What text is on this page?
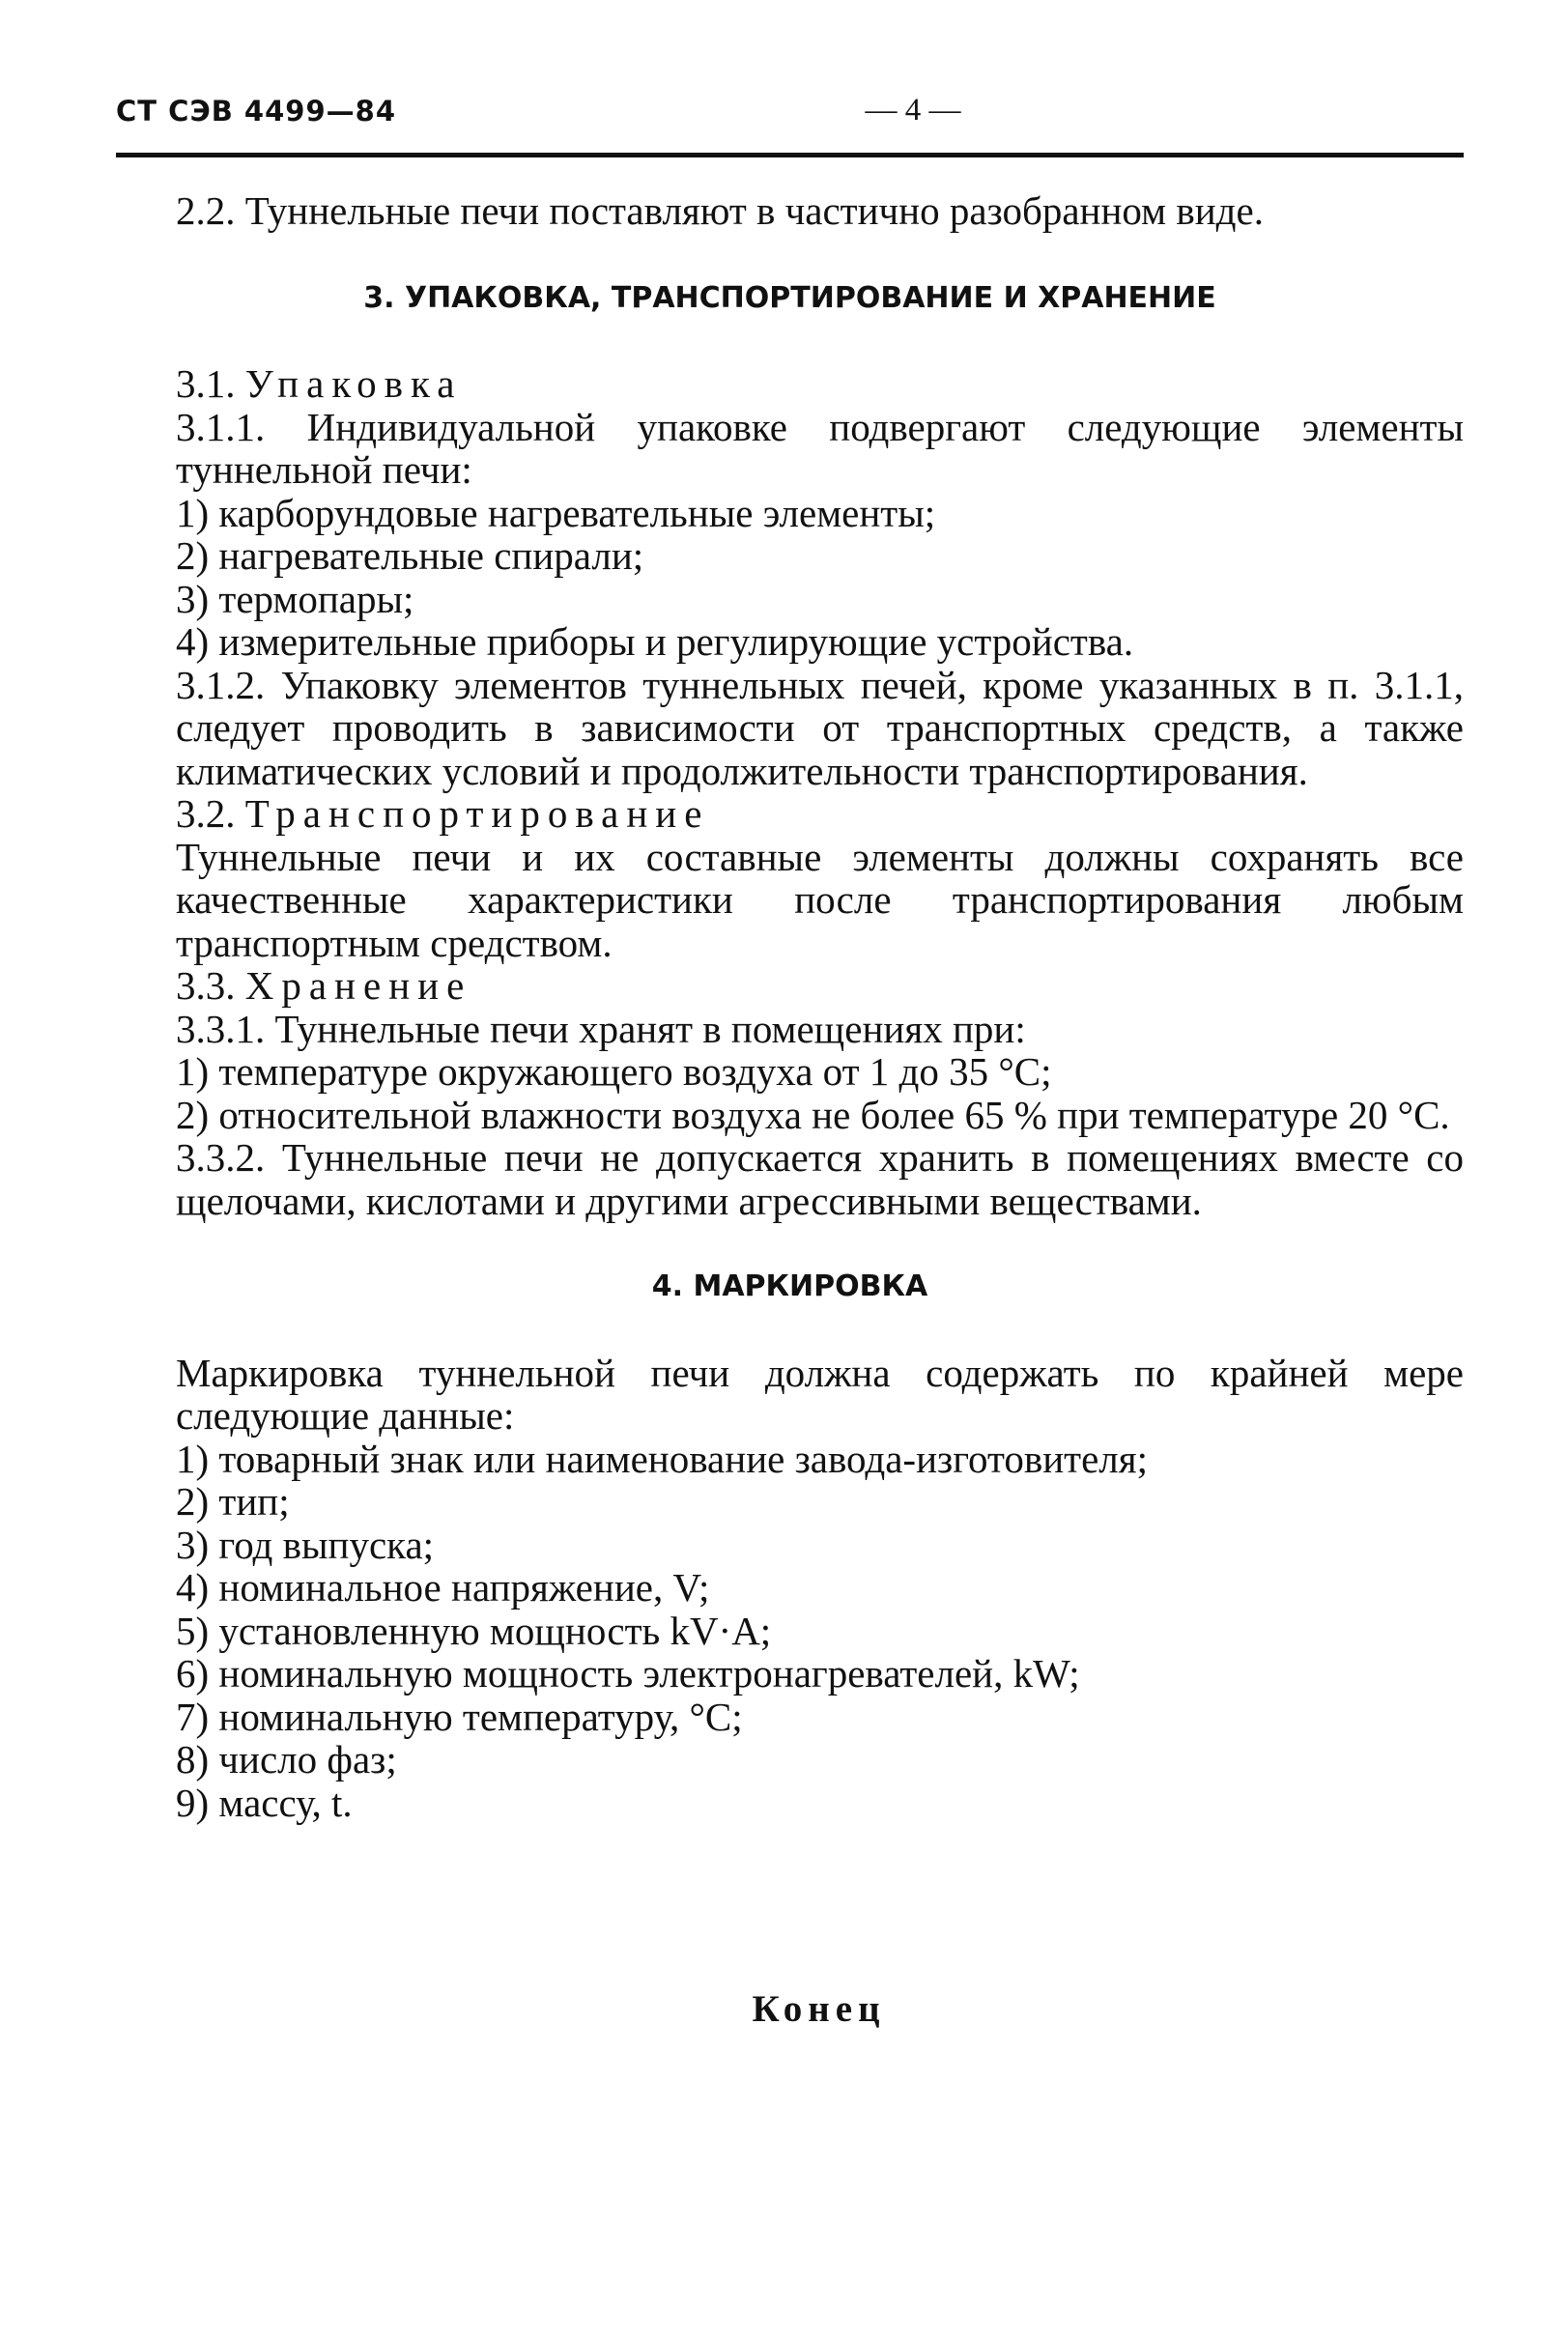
СТ СЭВ 4499—84	— 4 —

2.2. Туннельные печи поставляют в частично разобранном виде.

3. УПАКОВКА, ТРАНСПОРТИРОВАНИЕ И ХРАНЕНИЕ

3.1. Упаковка

3.1.1. Индивидуальной упаковке подвергают следующие элементы туннельной печи:

1) карборундовые нагревательные элементы;

2) нагревательные спирали;

3) термопары;

4) измерительные приборы и регулирующие устройства.

3.1.2. Упаковку элементов туннельных печей, кроме указанных в п. 3.1.1, следует проводить в зависимости от транспортных средств, а также климатических условий и продолжительности транспортирования.

3.2. Транспортирование

Туннельные печи и их составные элементы должны сохранять все качественные характеристики после транспортирования любым транспортным средством.

3.3. Хранение

3.3.1. Туннельные печи хранят в помещениях при:

1) температуре окружающего воздуха от 1 до 35 °С;

2) относительной влажности воздуха не более 65 % при температуре 20 °С.

3.3.2. Туннельные печи не допускается хранить в помещениях вместе со щелочами, кислотами и другими агрессивными веществами.

4. МАРКИРОВКА

Маркировка туннельной печи должна содержать по крайней мере следующие данные:

1) товарный знак или наименование завода-изготовителя;

2) тип;

3) год выпуска;

4) номинальное напряжение, V;

5) установленную мощность kV·A;

6) номинальную мощность электронагревателей, kW;

7) номинальную температуру, °C;

8) число фаз;

9) массу, t.

Конец
